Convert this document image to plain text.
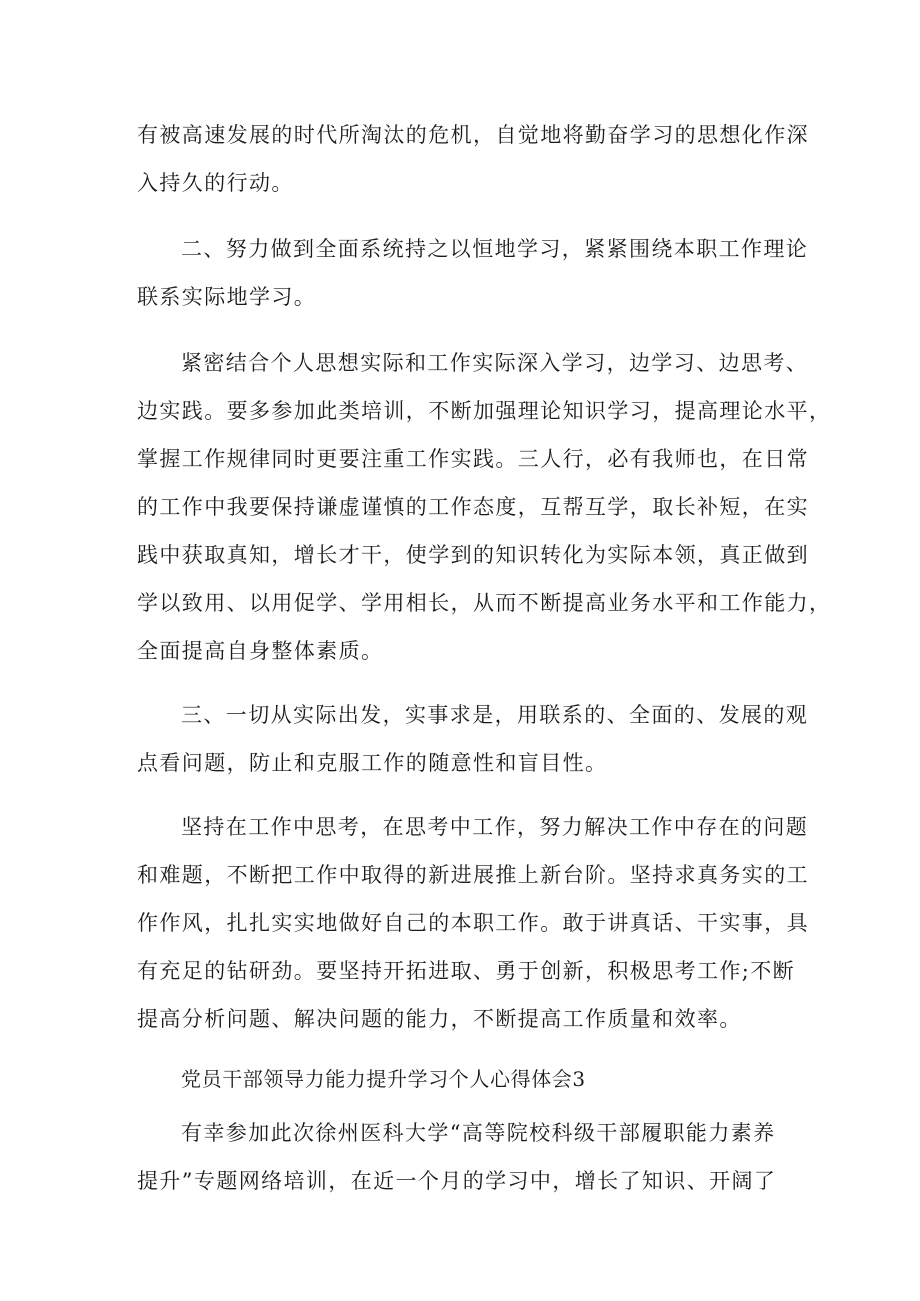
有被高速发展的时代所淘汰的危机，自觉地将勤奋学习的思想化作深
入持久的行动。
二、努力做到全面系统持之以恒地学习，紧紧围绕本职工作理论
联系实际地学习。
紧密结合个人思想实际和工作实际深入学习，边学习、边思考、
边实践。要多参加此类培训，不断加强理论知识学习，提高理论水平，
掌握工作规律同时更要注重工作实践。三人行，必有我师也，在日常
的工作中我要保持谦虚谨慎的工作态度，互帮互学，取长补短，在实
践中获取真知，增长才干，使学到的知识转化为实际本领，真正做到
学以致用、以用促学、学用相长，从而不断提高业务水平和工作能力，
全面提高自身整体素质。
三、一切从实际出发，实事求是，用联系的、全面的、发展的观
点看问题，防止和克服工作的随意性和盲目性。
坚持在工作中思考，在思考中工作，努力解决工作中存在的问题
和难题，不断把工作中取得的新进展推上新台阶。坚持求真务实的工
作作风，扎扎实实地做好自己的本职工作。敢于讲真话、干实事，具
有充足的钻研劲。要坚持开拓进取、勇于创新，积极思考工作;不断
提高分析问题、解决问题的能力，不断提高工作质量和效率。
党员干部领导力能力提升学习个人心得体会3
有幸参加此次徐州医科大学“高等院校科级干部履职能力素养
提升”专题网络培训，在近一个月的学习中，增长了知识、开阔了
